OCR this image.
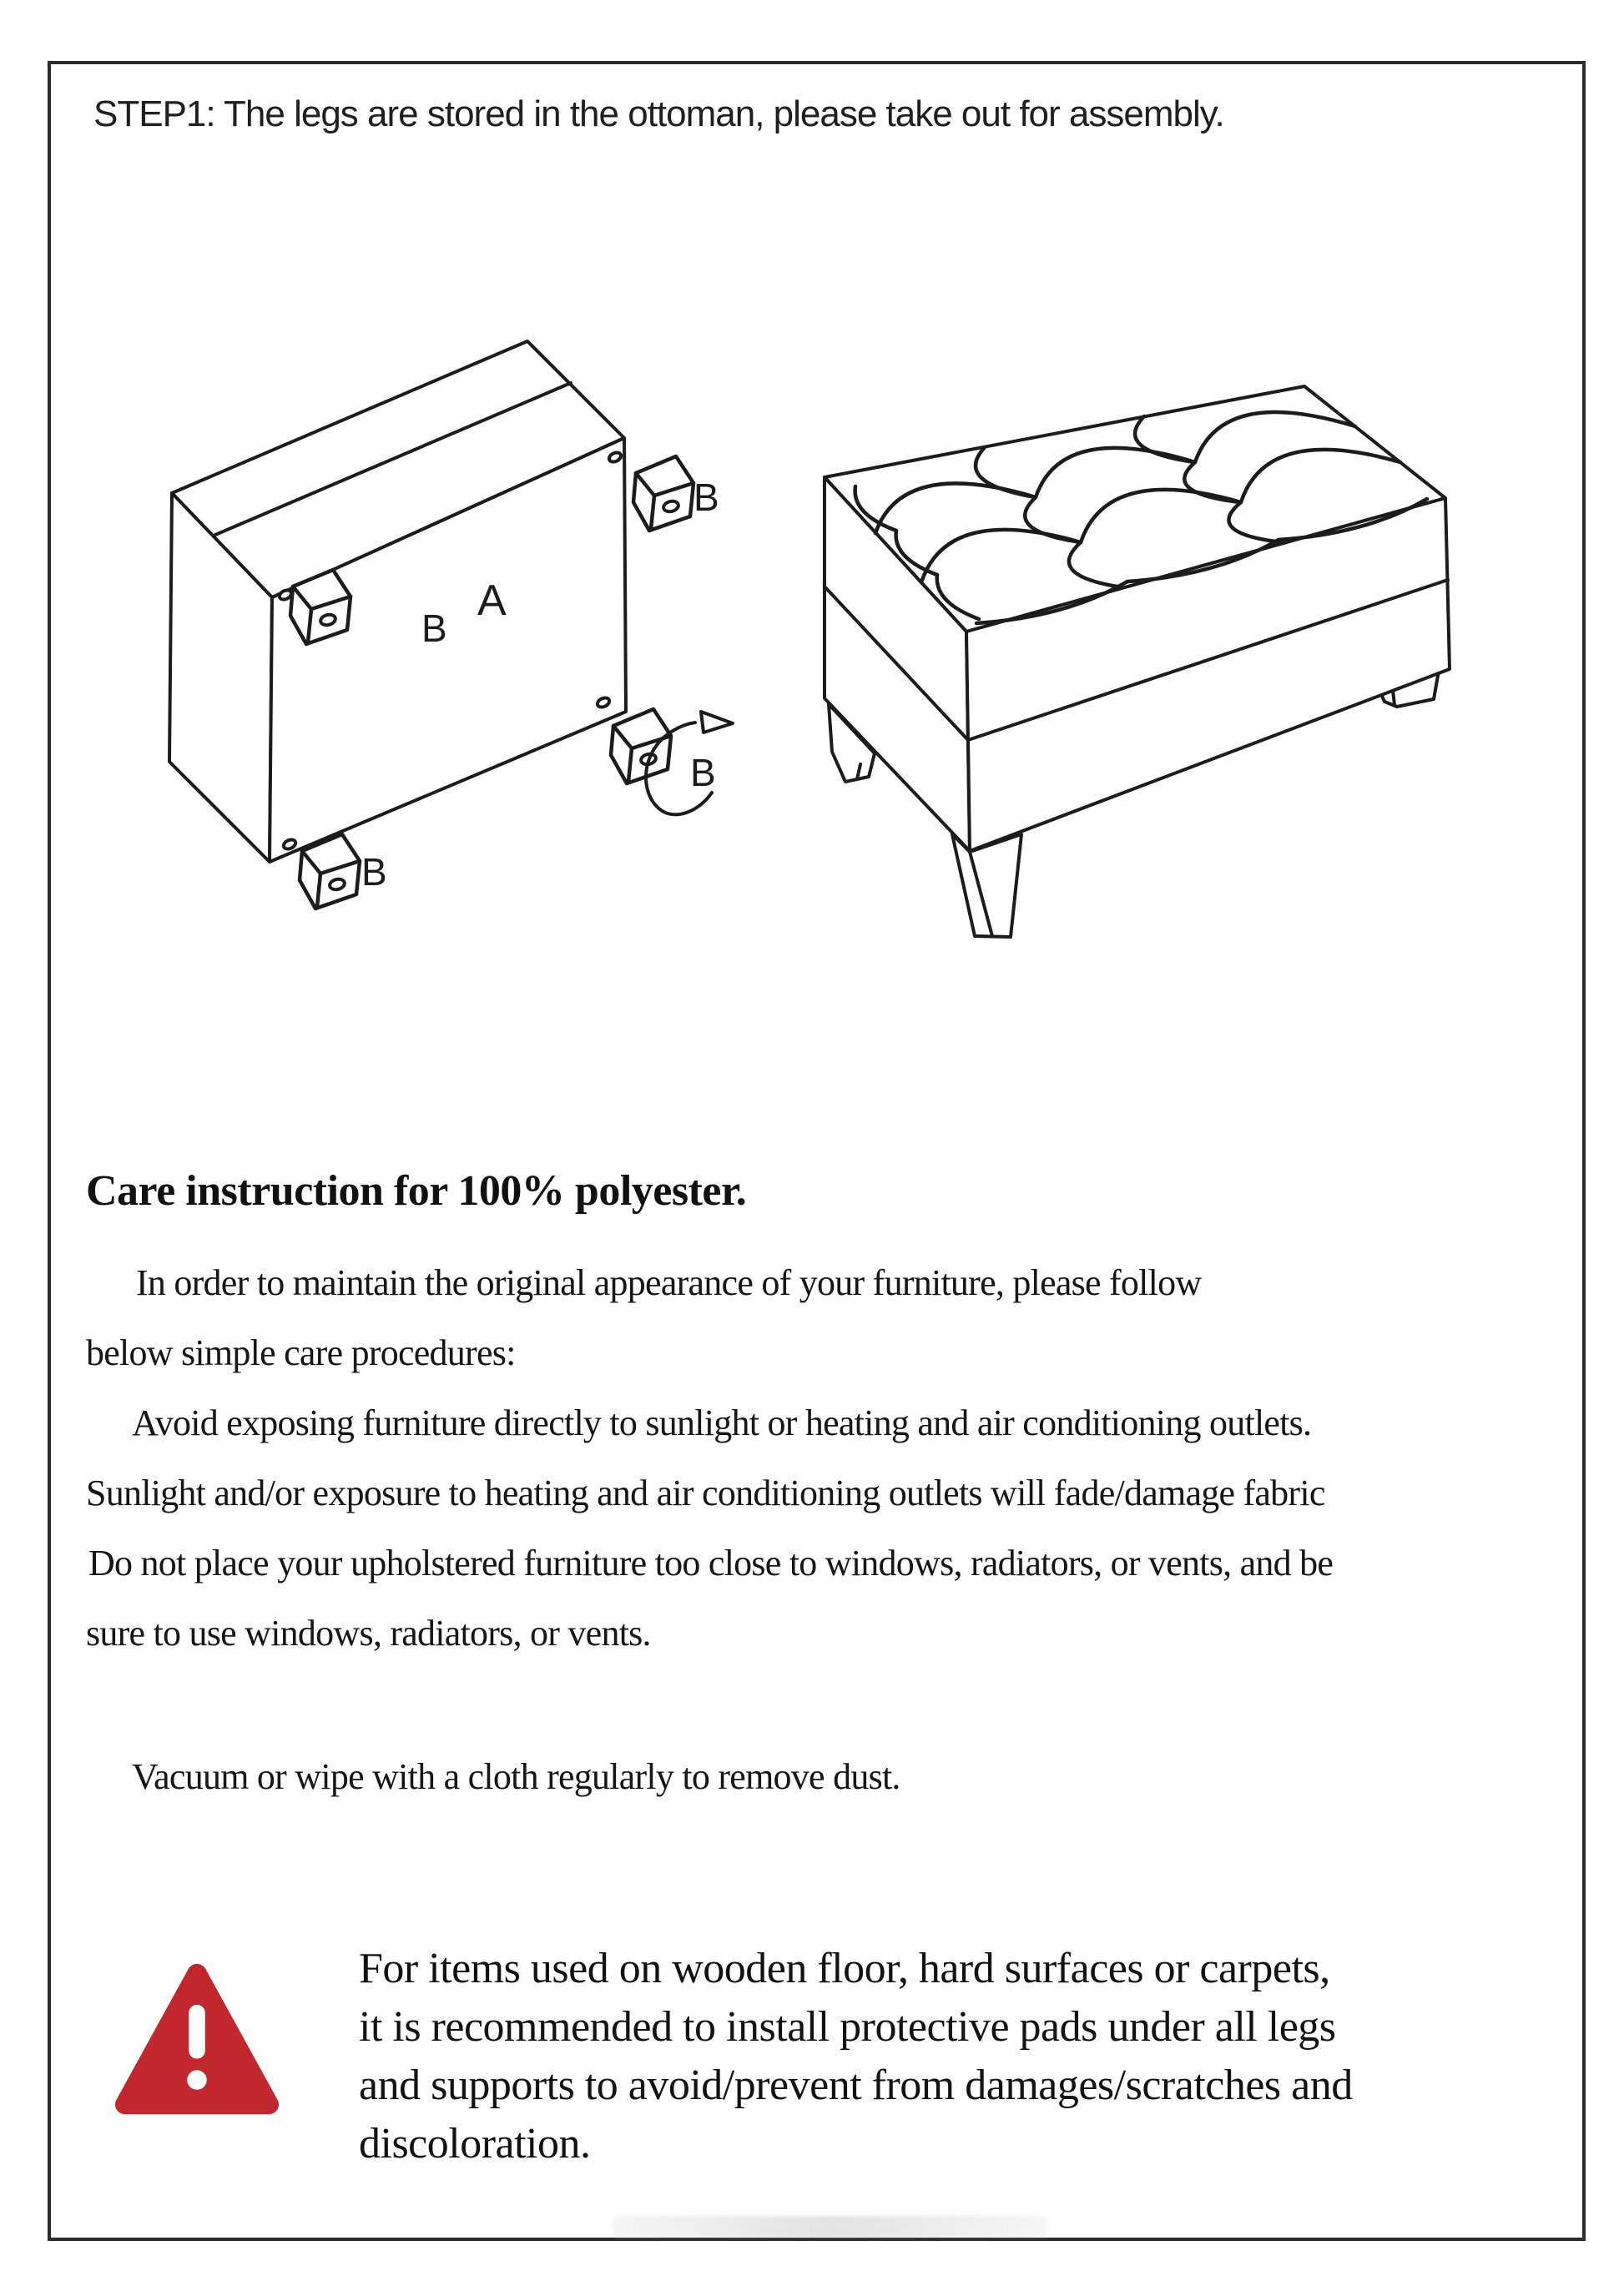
STEP1: The legs are stored in the ottoman, please take out for assembly.
A
B
B
B
B
Care instruction for 100% polyester.
In order to maintain the original appearance of your furniture, please follow
below simple care procedures:
Avoid exposing furniture directly to sunlight or heating and air conditioning outlets.
Sunlight and/or exposure to heating and air conditioning outlets will fade/damage fabric
Do not place your upholstered furniture too close to windows, radiators, or vents, and be
sure to use windows, radiators, or vents.
Vacuum or wipe with a cloth regularly to remove dust.
For items used on wooden floor, hard surfaces or carpets,
it is recommended to install protective pads under all legs
and supports to avoid/prevent from damages/scratches and
discoloration.
